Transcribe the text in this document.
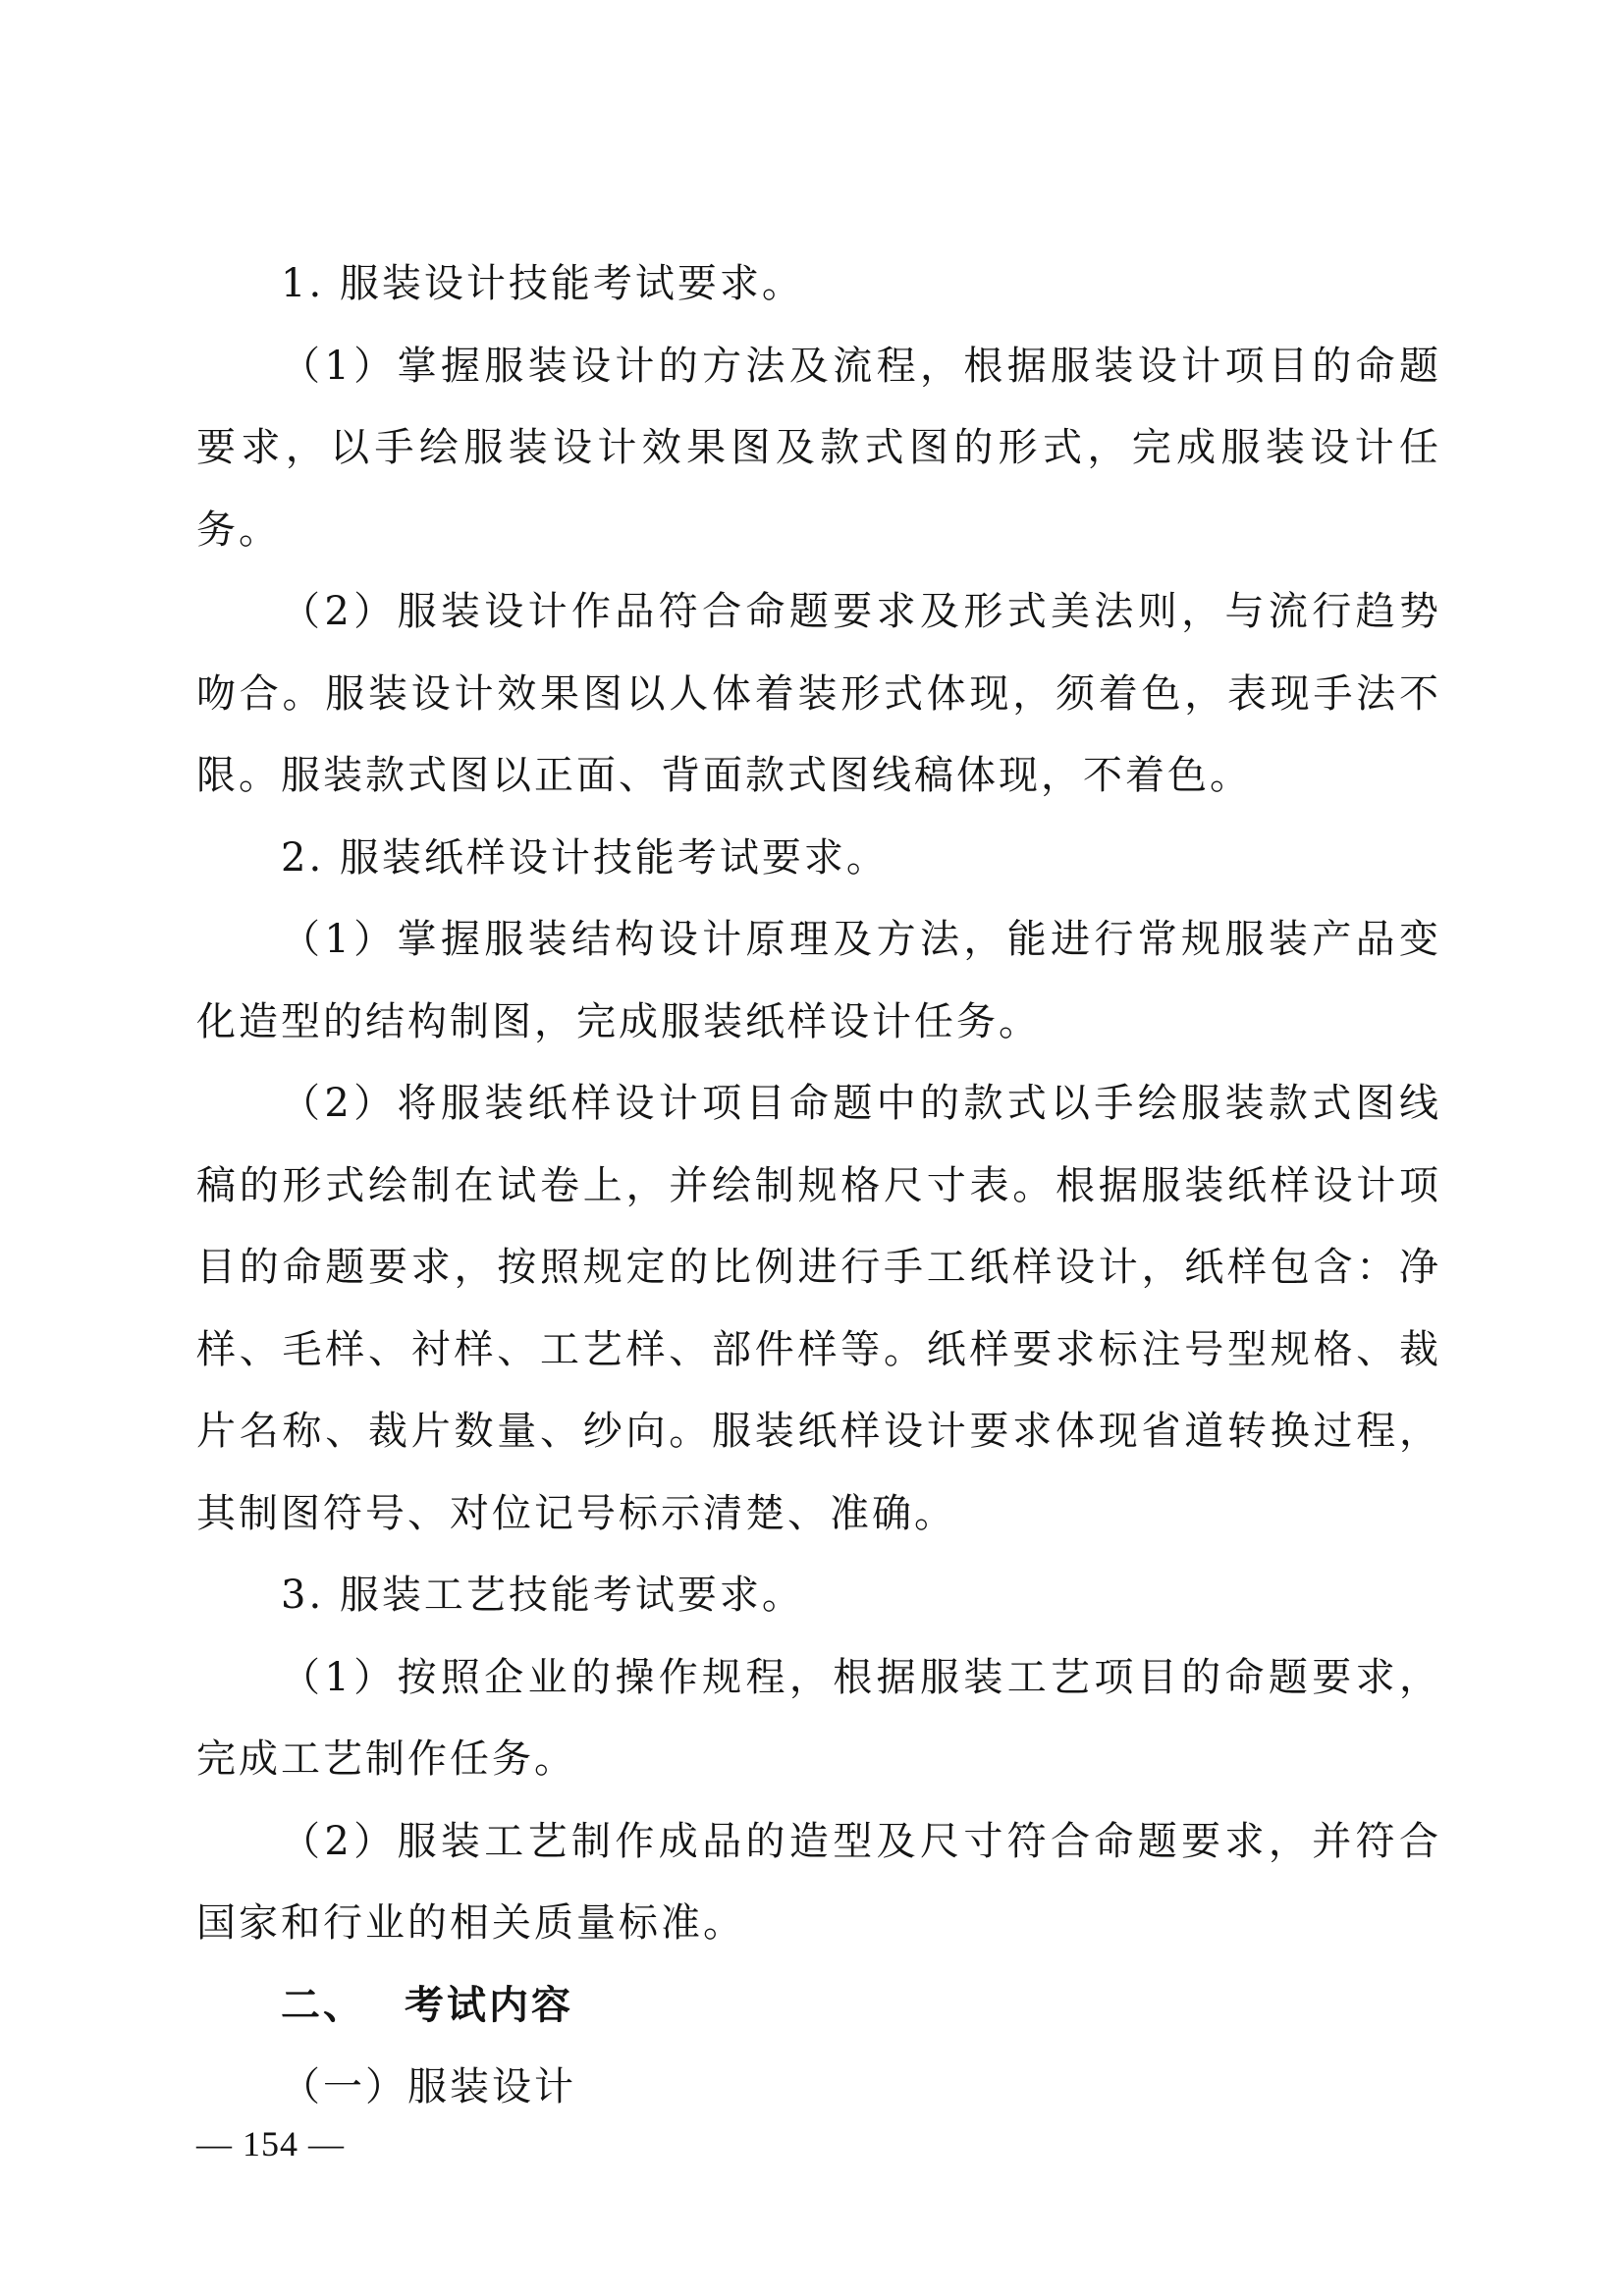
1. 服装设计技能考试要求。

（1）掌握服装设计的方法及流程，根据服装设计项目的命题要求，以手绘服装设计效果图及款式图的形式，完成服装设计任务。

（2）服装设计作品符合命题要求及形式美法则，与流行趋势吻合。服装设计效果图以人体着装形式体现，须着色，表现手法不限。服装款式图以正面、背面款式图线稿体现，不着色。

2. 服装纸样设计技能考试要求。

（1）掌握服装结构设计原理及方法，能进行常规服装产品变化造型的结构制图，完成服装纸样设计任务。

（2）将服装纸样设计项目命题中的款式以手绘服装款式图线稿的形式绘制在试卷上，并绘制规格尺寸表。根据服装纸样设计项目的命题要求，按照规定的比例进行手工纸样设计，纸样包含：净样、毛样、衬样、工艺样、部件样等。纸样要求标注号型规格、裁片名称、裁片数量、纱向。服装纸样设计要求体现省道转换过程，其制图符号、对位记号标示清楚、准确。

3. 服装工艺技能考试要求。

（1）按照企业的操作规程，根据服装工艺项目的命题要求，完成工艺制作任务。

（2）服装工艺制作成品的造型及尺寸符合命题要求，并符合国家和行业的相关质量标准。

二、 考试内容

（一）服装设计

— 154 —
